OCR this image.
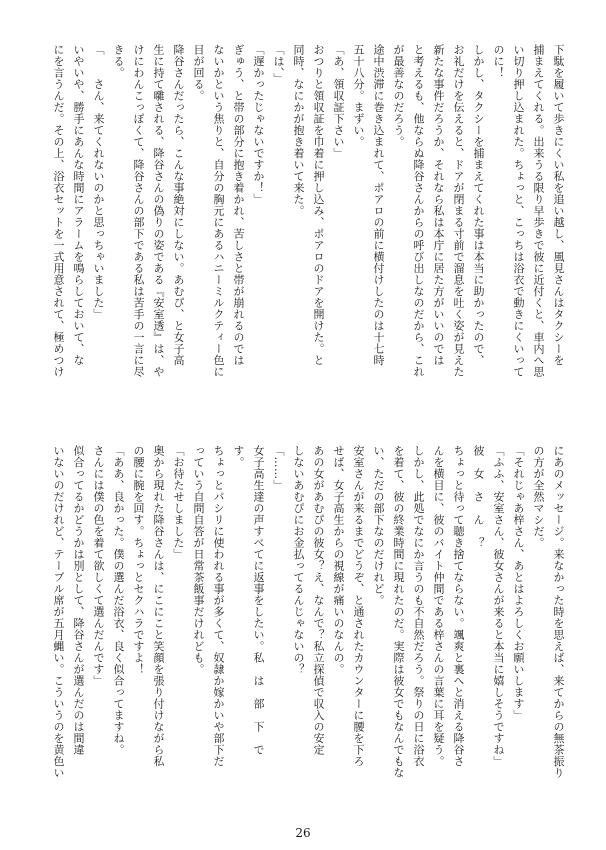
下駄を履いて歩きにくい私を追い越し、風見さんはタクシーを

捕まえてくれる。出来うる限り早歩きで彼に近付くと、車内へ思

い切り押し込まれた。ちょっと、こっちは浴衣で動きにくいって

のに！

しかし、タクシーを捕まえてくれた事は本当に助かったので、

お礼だけを伝えると、ドアが閉まる寸前で溜息を吐く姿が見えた

新たな事件だろうか、それなら私は本庁に居た方がいいのでは

と考えるも、他ならぬ降谷さんからの呼び出しなのだから、これ

が最善なのだろう。

途中渋滞に巻き込まれて、ポアロの前に横付けしたのは十七時

五十八分。まずい。

「あ、領収証下さい」

おつりと領収証を巾着に押し込み、ポアロのドアを開けた。と

同時、なにかが抱き着いて来た。

「は、」

「遅かったじゃないですか！」

ぎゅう、と帯の部分に抱き着かれ、苦しさと帯が崩れるのでは

ないかという焦りと、自分の胸元にあるハニーミルクティー色に

目が回る。

降谷さんだったら、こんな事絶対にしない。あむぴ、と女子高

生に持て囃される、降谷さんの偽りの姿である『安室透』は、や

けにわんこっぽくて、降谷さんの部下である私は苦手の一言に尽

きる。

「　　さん、来てくれないのかと思っちゃいました」

いやいや、勝手にあんな時間にアラームを鳴らしておいて、な

にを言うんだ。その上、浴衣セットを一式用意されて、極めつけ

にあのメッセージ。来なかった時を思えば、来てからの無茶振り

の方が全然マシだ。

「それじゃあ梓さん、あとはよろしくお願いします」

「ふふ、安室さん、彼女さんが来ると本当に嬉しそうですね」

彼　女　さ　ん　？

ちょっと待って聴き捨てならない。颯爽と裏へと消える降谷さ

んを横目に、彼のバイト仲間である梓さんの言葉に耳を疑う。

しかし、此処でなにか言うのも不自然だろう。祭りの日に浴衣

を着て、彼の終業時間に現れたのだ。実際は彼女でもなんでもな

い、ただの部下なのだけれど。

安室さんが来るまでどうぞ、と通されたカウンターに腰を下ろ

せば、女子高生からの視線が痛いのなんの。

あの女があむぴの彼女？え、なんで？私立探偵で収入の安定

しないあむぴにお金払ってるんじゃないの？

「……」

女子高生達の声すべてに返事をしたい。私　は　部　下　で

す。

ちょっとパシリに使われる事が多くて、奴隷か嫁かいや部下だ

っていう自問自答が日常茶飯事だけれども。

「お待たせしました」

奥から現れた降谷さんは、にこにこと笑顔を張り付けながら私

の腰に腕を回す。ちょっとセクハラですよ！

「ああ、良かった。僕の選んだ浴衣、良く似合ってますね。　

さんには僕の色を着て欲しくて選んだんです」

似合ってるかどうかは別として、降谷さんが選んだのは間違

いないのだけれど、テーブル席が五月蝿い。こういうのを黄色い

26
